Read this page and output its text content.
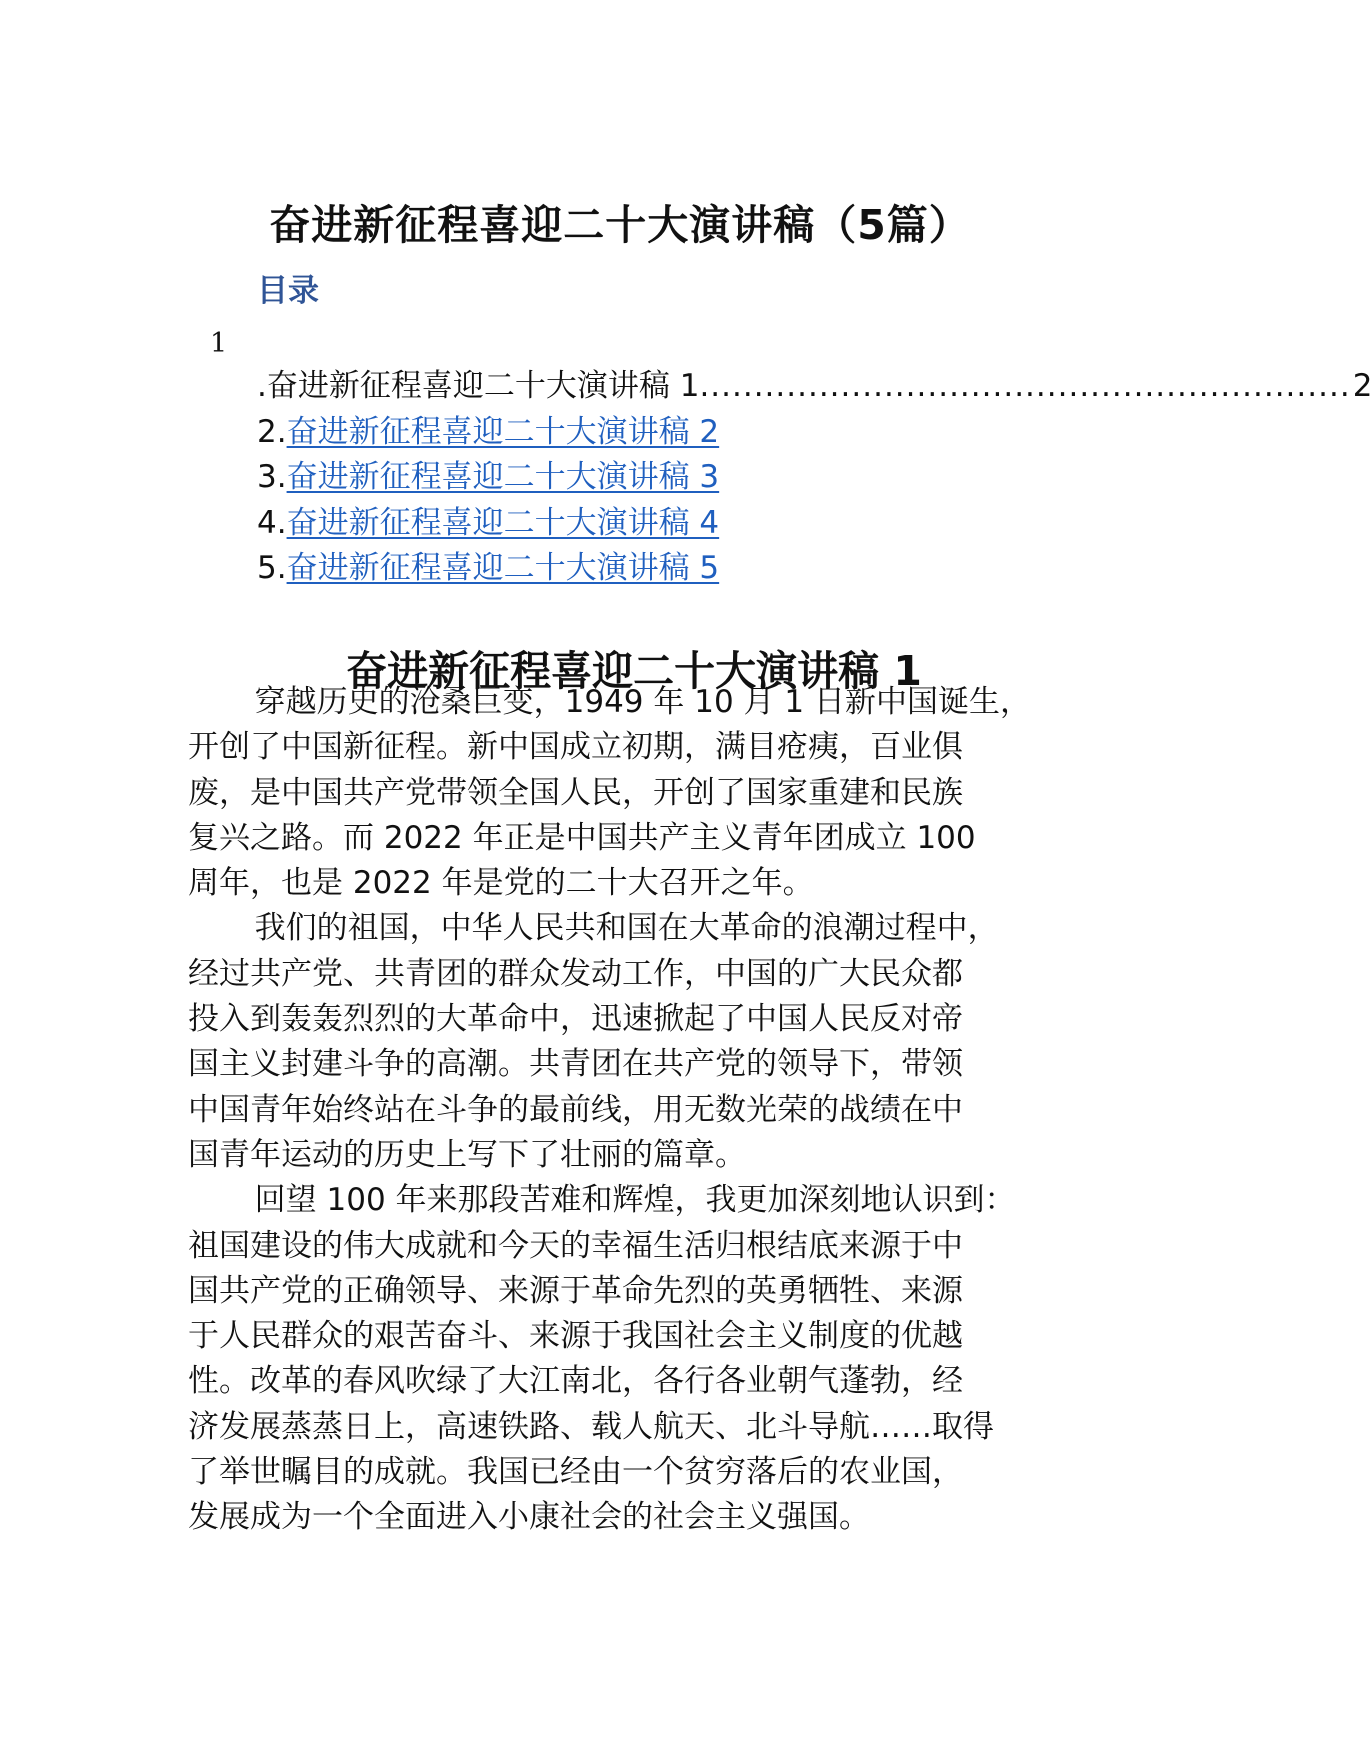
奋进新征程喜迎二十大演讲稿（5篇）
目录
1
.奋进新征程喜迎二十大演讲稿 1 ............................................................ 2
2. 奋进新征程喜迎二十大演讲稿 2
3. 奋进新征程喜迎二十大演讲稿 3
4. 奋进新征程喜迎二十大演讲稿 4
5. 奋进新征程喜迎二十大演讲稿 5
奋进新征程喜迎二十大演讲稿 1

穿越历史的沧桑巨变，1949 年 10 月 1 日新中国诞生，
开创了中国新征程。新中国成立初期，满目疮痍，百业俱
废，是中国共产党带领全国人民，开创了国家重建和民族
复兴之路。而 2022 年正是中国共产主义青年团成立 100
周年，也是 2022 年是党的二十大召开之年。

我们的祖国，中华人民共和国在大革命的浪潮过程中，
经过共产党、共青团的群众发动工作，中国的广大民众都
投入到轰轰烈烈的大革命中，迅速掀起了中国人民反对帝
国主义封建斗争的高潮。共青团在共产党的领导下，带领
中国青年始终站在斗争的最前线，用无数光荣的战绩在中
国青年运动的历史上写下了壮丽的篇章。

回望 100 年来那段苦难和辉煌，我更加深刻地认识到：
祖国建设的伟大成就和今天的幸福生活归根结底来源于中
国共产党的正确领导、来源于革命先烈的英勇牺牲、来源
于人民群众的艰苦奋斗、来源于我国社会主义制度的优越
性。改革的春风吹绿了大江南北，各行各业朝气蓬勃，经
济发展蒸蒸日上，高速铁路、载人航天、北斗导航……取得
了举世瞩目的成就。我国已经由一个贫穷落后的农业国，
发展成为一个全面进入小康社会的社会主义强国。
